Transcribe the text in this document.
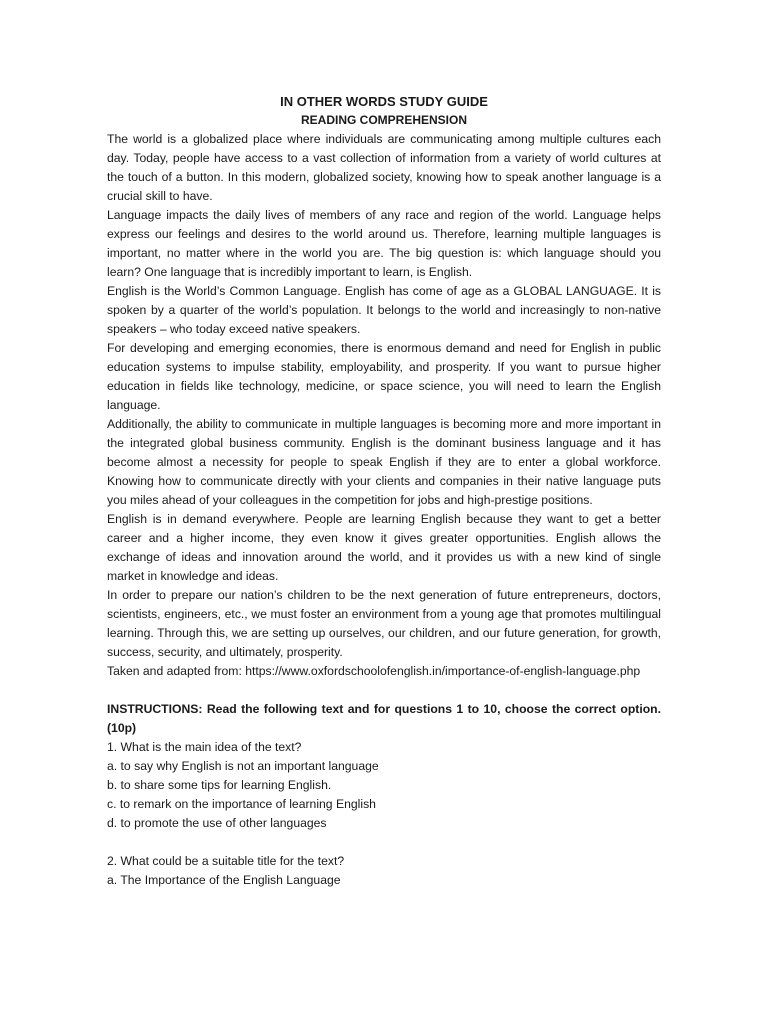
IN OTHER WORDS STUDY GUIDE

READING COMPREHENSION

The world is a globalized place where individuals are communicating among multiple cultures each day. Today, people have access to a vast collection of information from a variety of world cultures at the touch of a button. In this modern, globalized society, knowing how to speak another language is a crucial skill to have.

Language impacts the daily lives of members of any race and region of the world. Language helps express our feelings and desires to the world around us. Therefore, learning multiple languages is important, no matter where in the world you are. The big question is: which language should you learn? One language that is incredibly important to learn, is English.

English is the World’s Common Language. English has come of age as a GLOBAL LANGUAGE. It is spoken by a quarter of the world’s population. It belongs to the world and increasingly to non-native speakers – who today exceed native speakers.

For developing and emerging economies, there is enormous demand and need for English in public education systems to impulse stability, employability, and prosperity. If you want to pursue higher education in fields like technology, medicine, or space science, you will need to learn the English language.

Additionally, the ability to communicate in multiple languages is becoming more and more important in the integrated global business community. English is the dominant business language and it has become almost a necessity for people to speak English if they are to enter a global workforce. Knowing how to communicate directly with your clients and companies in their native language puts you miles ahead of your colleagues in the competition for jobs and high-prestige positions.

English is in demand everywhere. People are learning English because they want to get a better career and a higher income, they even know it gives greater opportunities. English allows the exchange of ideas and innovation around the world, and it provides us with a new kind of single market in knowledge and ideas.

In order to prepare our nation’s children to be the next generation of future entrepreneurs, doctors, scientists, engineers, etc., we must foster an environment from a young age that promotes multilingual learning. Through this, we are setting up ourselves, our children, and our future generation, for growth, success, security, and ultimately, prosperity.

Taken and adapted from: https://www.oxfordschoolofenglish.in/importance-of-english-language.php

INSTRUCTIONS: Read the following text and for questions 1 to 10, choose the correct option. (10p)

1. What is the main idea of the text?

a. to say why English is not an important language

b. to share some tips for learning English.

c. to remark on the importance of learning English

d. to promote the use of other languages

2. What could be a suitable title for the text?

a. The Importance of the English Language
